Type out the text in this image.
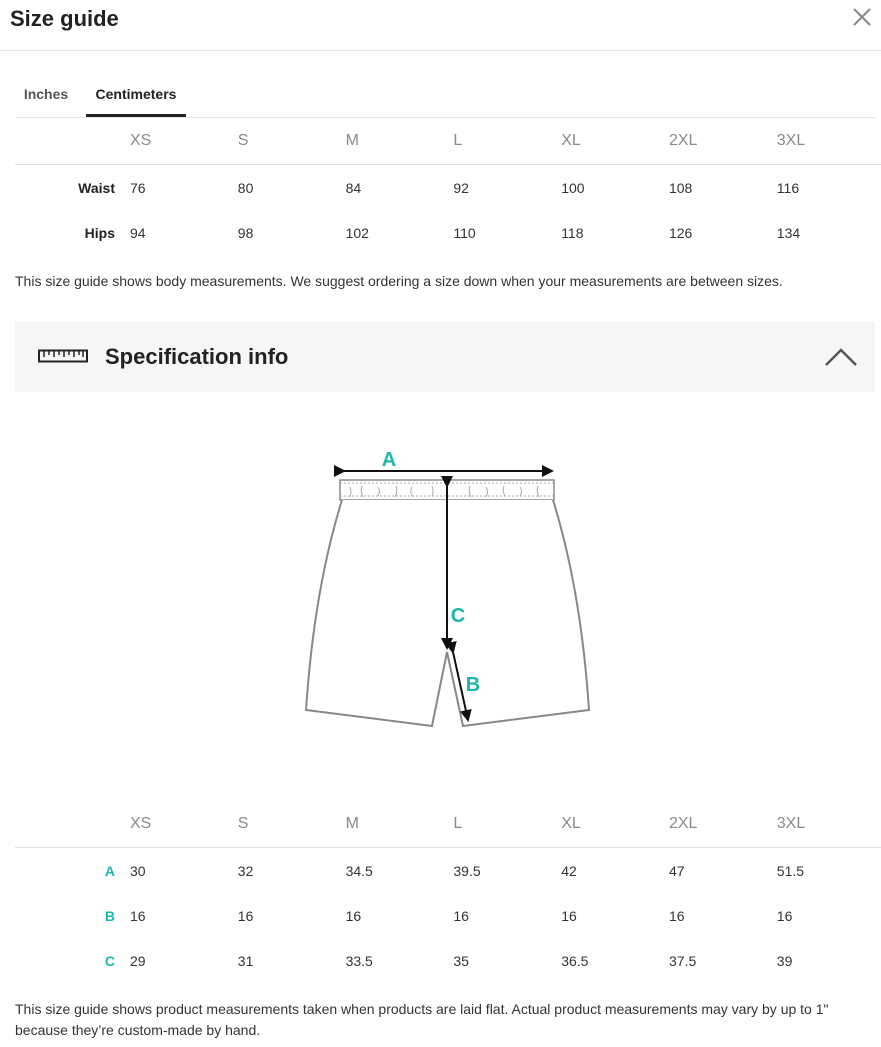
Size guide
Inches	Centimeters
	XS	S	M	L	XL	2XL	3XL
Waist	76	80	84	92	100	108	116
Hips	94	98	102	110	118	126	134

This size guide shows body measurements. We suggest ordering a size down when your measurements are between sizes.

Specification info
A
C
B
	XS	S	M	L	XL	2XL	3XL
A	30	32	34.5	39.5	42	47	51.5
B	16	16	16	16	16	16	16
C	29	31	33.5	35	36.5	37.5	39

This size guide shows product measurements taken when products are laid flat. Actual product measurements may vary by up to 1" because they’re custom-made by hand.
